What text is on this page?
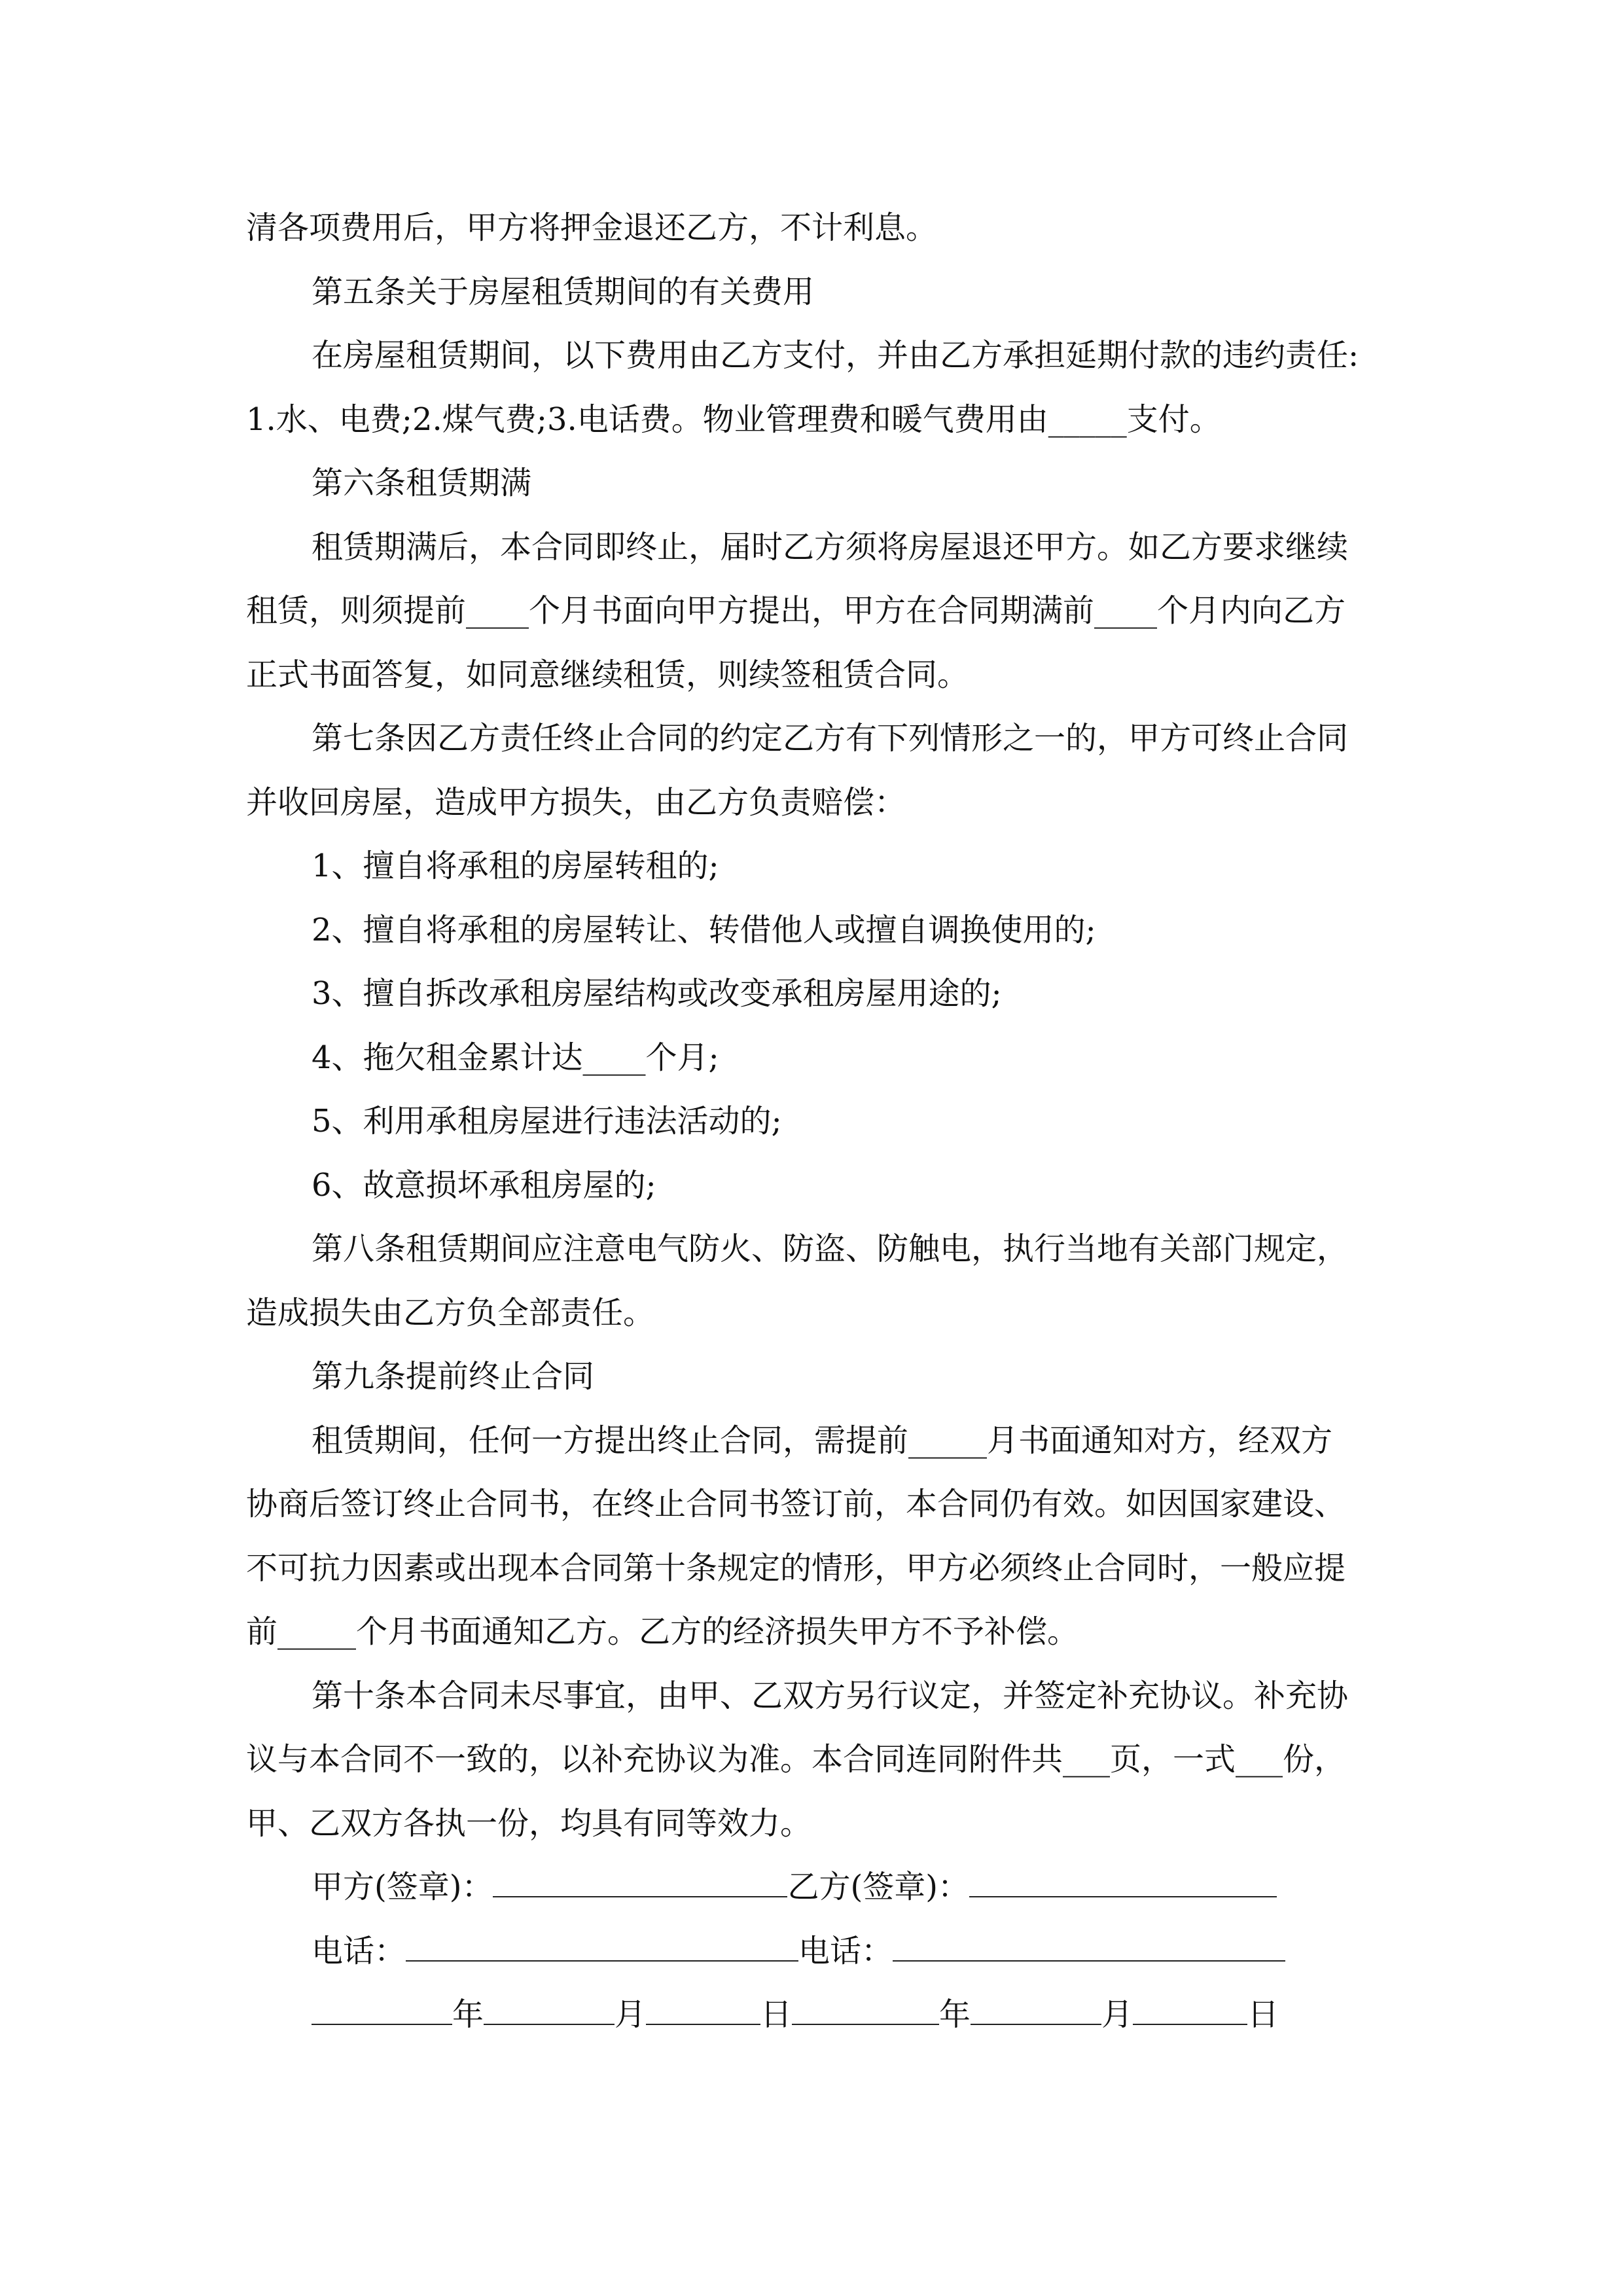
清各项费用后，甲方将押金退还乙方，不计利息。
第五条关于房屋租赁期间的有关费用
在房屋租赁期间，以下费用由乙方支付，并由乙方承担延期付款的违约责任:
1.水、电费;2.煤气费;3.电话费。物业管理费和暖气费用由_____支付。
第六条租赁期满
租赁期满后，本合同即终止，届时乙方须将房屋退还甲方。如乙方要求继续
租赁，则须提前____个月书面向甲方提出，甲方在合同期满前____个月内向乙方
正式书面答复，如同意继续租赁，则续签租赁合同。
第七条因乙方责任终止合同的约定乙方有下列情形之一的，甲方可终止合同
并收回房屋，造成甲方损失，由乙方负责赔偿：
1、擅自将承租的房屋转租的;
2、擅自将承租的房屋转让、转借他人或擅自调换使用的;
3、擅自拆改承租房屋结构或改变承租房屋用途的;
4、拖欠租金累计达____个月;
5、利用承租房屋进行违法活动的;
6、故意损坏承租房屋的;
第八条租赁期间应注意电气防火、防盗、防触电，执行当地有关部门规定，
造成损失由乙方负全部责任。
第九条提前终止合同
租赁期间，任何一方提出终止合同，需提前_____月书面通知对方，经双方
协商后签订终止合同书，在终止合同书签订前，本合同仍有效。如因国家建设、
不可抗力因素或出现本合同第十条规定的情形，甲方必须终止合同时，一般应提
前_____个月书面通知乙方。乙方的经济损失甲方不予补偿。
第十条本合同未尽事宜，由甲、乙双方另行议定，并签定补充协议。补充协
议与本合同不一致的，以补充协议为准。本合同连同附件共___页，一式___份，
甲、乙双方各执一份，均具有同等效力。
甲方(签章)：	乙方(签章)：
电话：	电话：
年	月	日	年	月	日
